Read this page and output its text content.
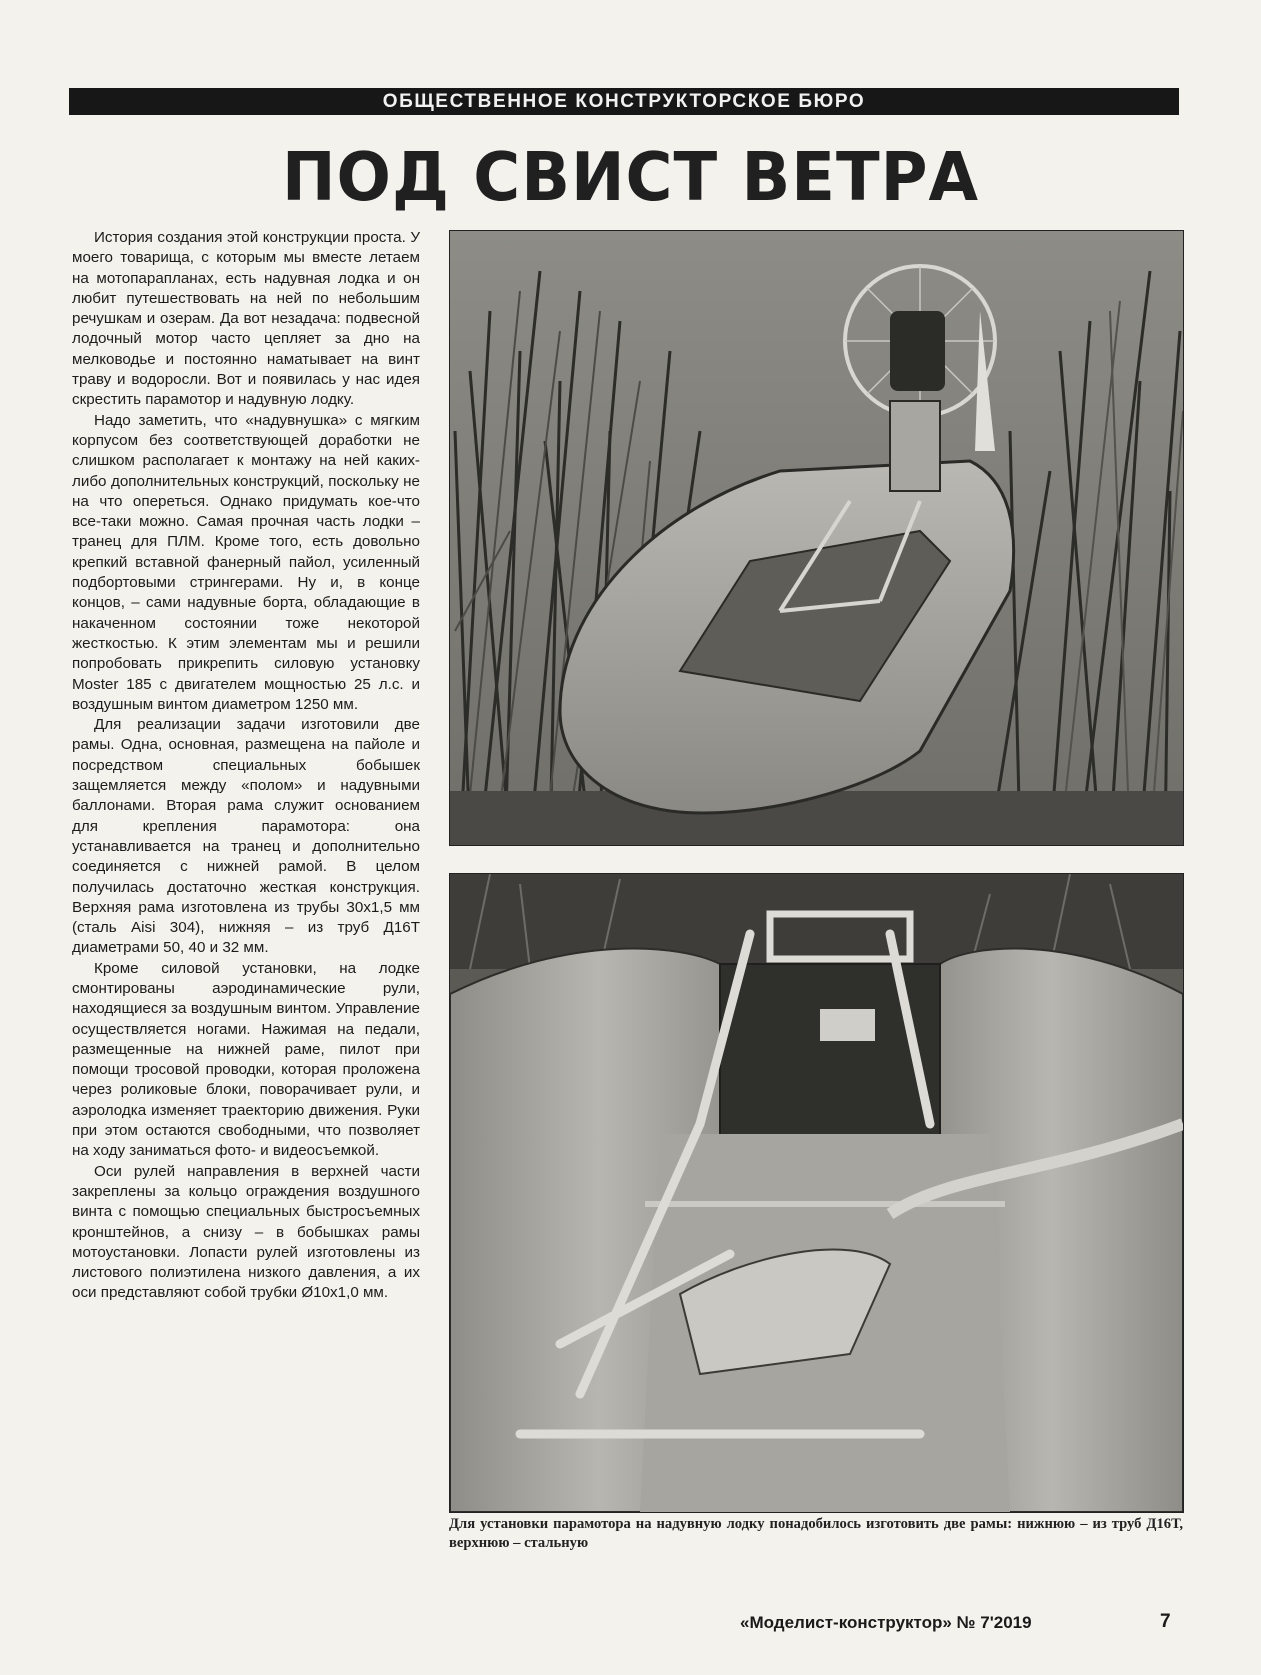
ОБЩЕСТВЕННОЕ КОНСТРУКТОРСКОЕ БЮРО
ПОД СВИСТ ВЕТРА

История создания этой конструкции проста. У моего товарища, с которым мы вместе летаем на мотопарапланах, есть надувная лодка и он любит путешествовать на ней по небольшим речушкам и озерам. Да вот незадача: подвесной лодочный мотор часто цепляет за дно на мелководье и постоянно наматывает на винт траву и водоросли. Вот и появилась у нас идея скрестить парамотор и надувную лодку.

Надо заметить, что «надувнушка» с мягким корпусом без соответствующей доработки не слишком располагает к монтажу на ней каких-либо дополнительных конструкций, поскольку не на что опереться. Однако придумать кое-что все-таки можно. Самая прочная часть лодки – транец для ПЛМ. Кроме того, есть довольно крепкий вставной фанерный пайол, усиленный подбортовыми стрингерами. Ну и, в конце концов, – сами надувные борта, обладающие в накаченном состоянии тоже некоторой жесткостью. К этим элементам мы и решили попробовать прикрепить силовую установку Moster 185 с двигателем мощностью 25 л.с. и воздушным винтом диаметром 1250 мм.

Для реализации задачи изготовили две рамы. Одна, основная, размещена на пайоле и посредством специальных бобышек защемляется между «полом» и надувными баллонами. Вторая рама служит основанием для крепления парамотора: она устанавливается на транец и дополнительно соединяется с нижней рамой. В целом получилась достаточно жесткая конструкция. Верхняя рама изготовлена из трубы 30x1,5 мм (сталь Aisi 304), нижняя – из труб Д16Т диаметрами 50, 40 и 32 мм.

Кроме силовой установки, на лодке смонтированы аэродинамические рули, находящиеся за воздушным винтом. Управление осуществляется ногами. Нажимая на педали, размещенные на нижней раме, пилот при помощи тросовой проводки, которая проложена через роликовые блоки, поворачивает рули, и аэролодка изменяет траекторию движения. Руки при этом остаются свободными, что позволяет на ходу заниматься фото- и видеосъемкой.

Оси рулей направления в верхней части закреплены за кольцо ограждения воздушного винта с помощью специальных быстросъемных кронштейнов, а снизу – в бобышках рамы мотоустановки. Лопасти рулей изготовлены из листового полиэтилена низкого давления, а их оси представляют собой трубки Ø10x1,0 мм.

Для установки парамотора на надувную лодку понадобилось изготовить две рамы: нижнюю – из труб Д16Т, верхнюю – стальную
«Моделист-конструктор» № 7'2019	7
